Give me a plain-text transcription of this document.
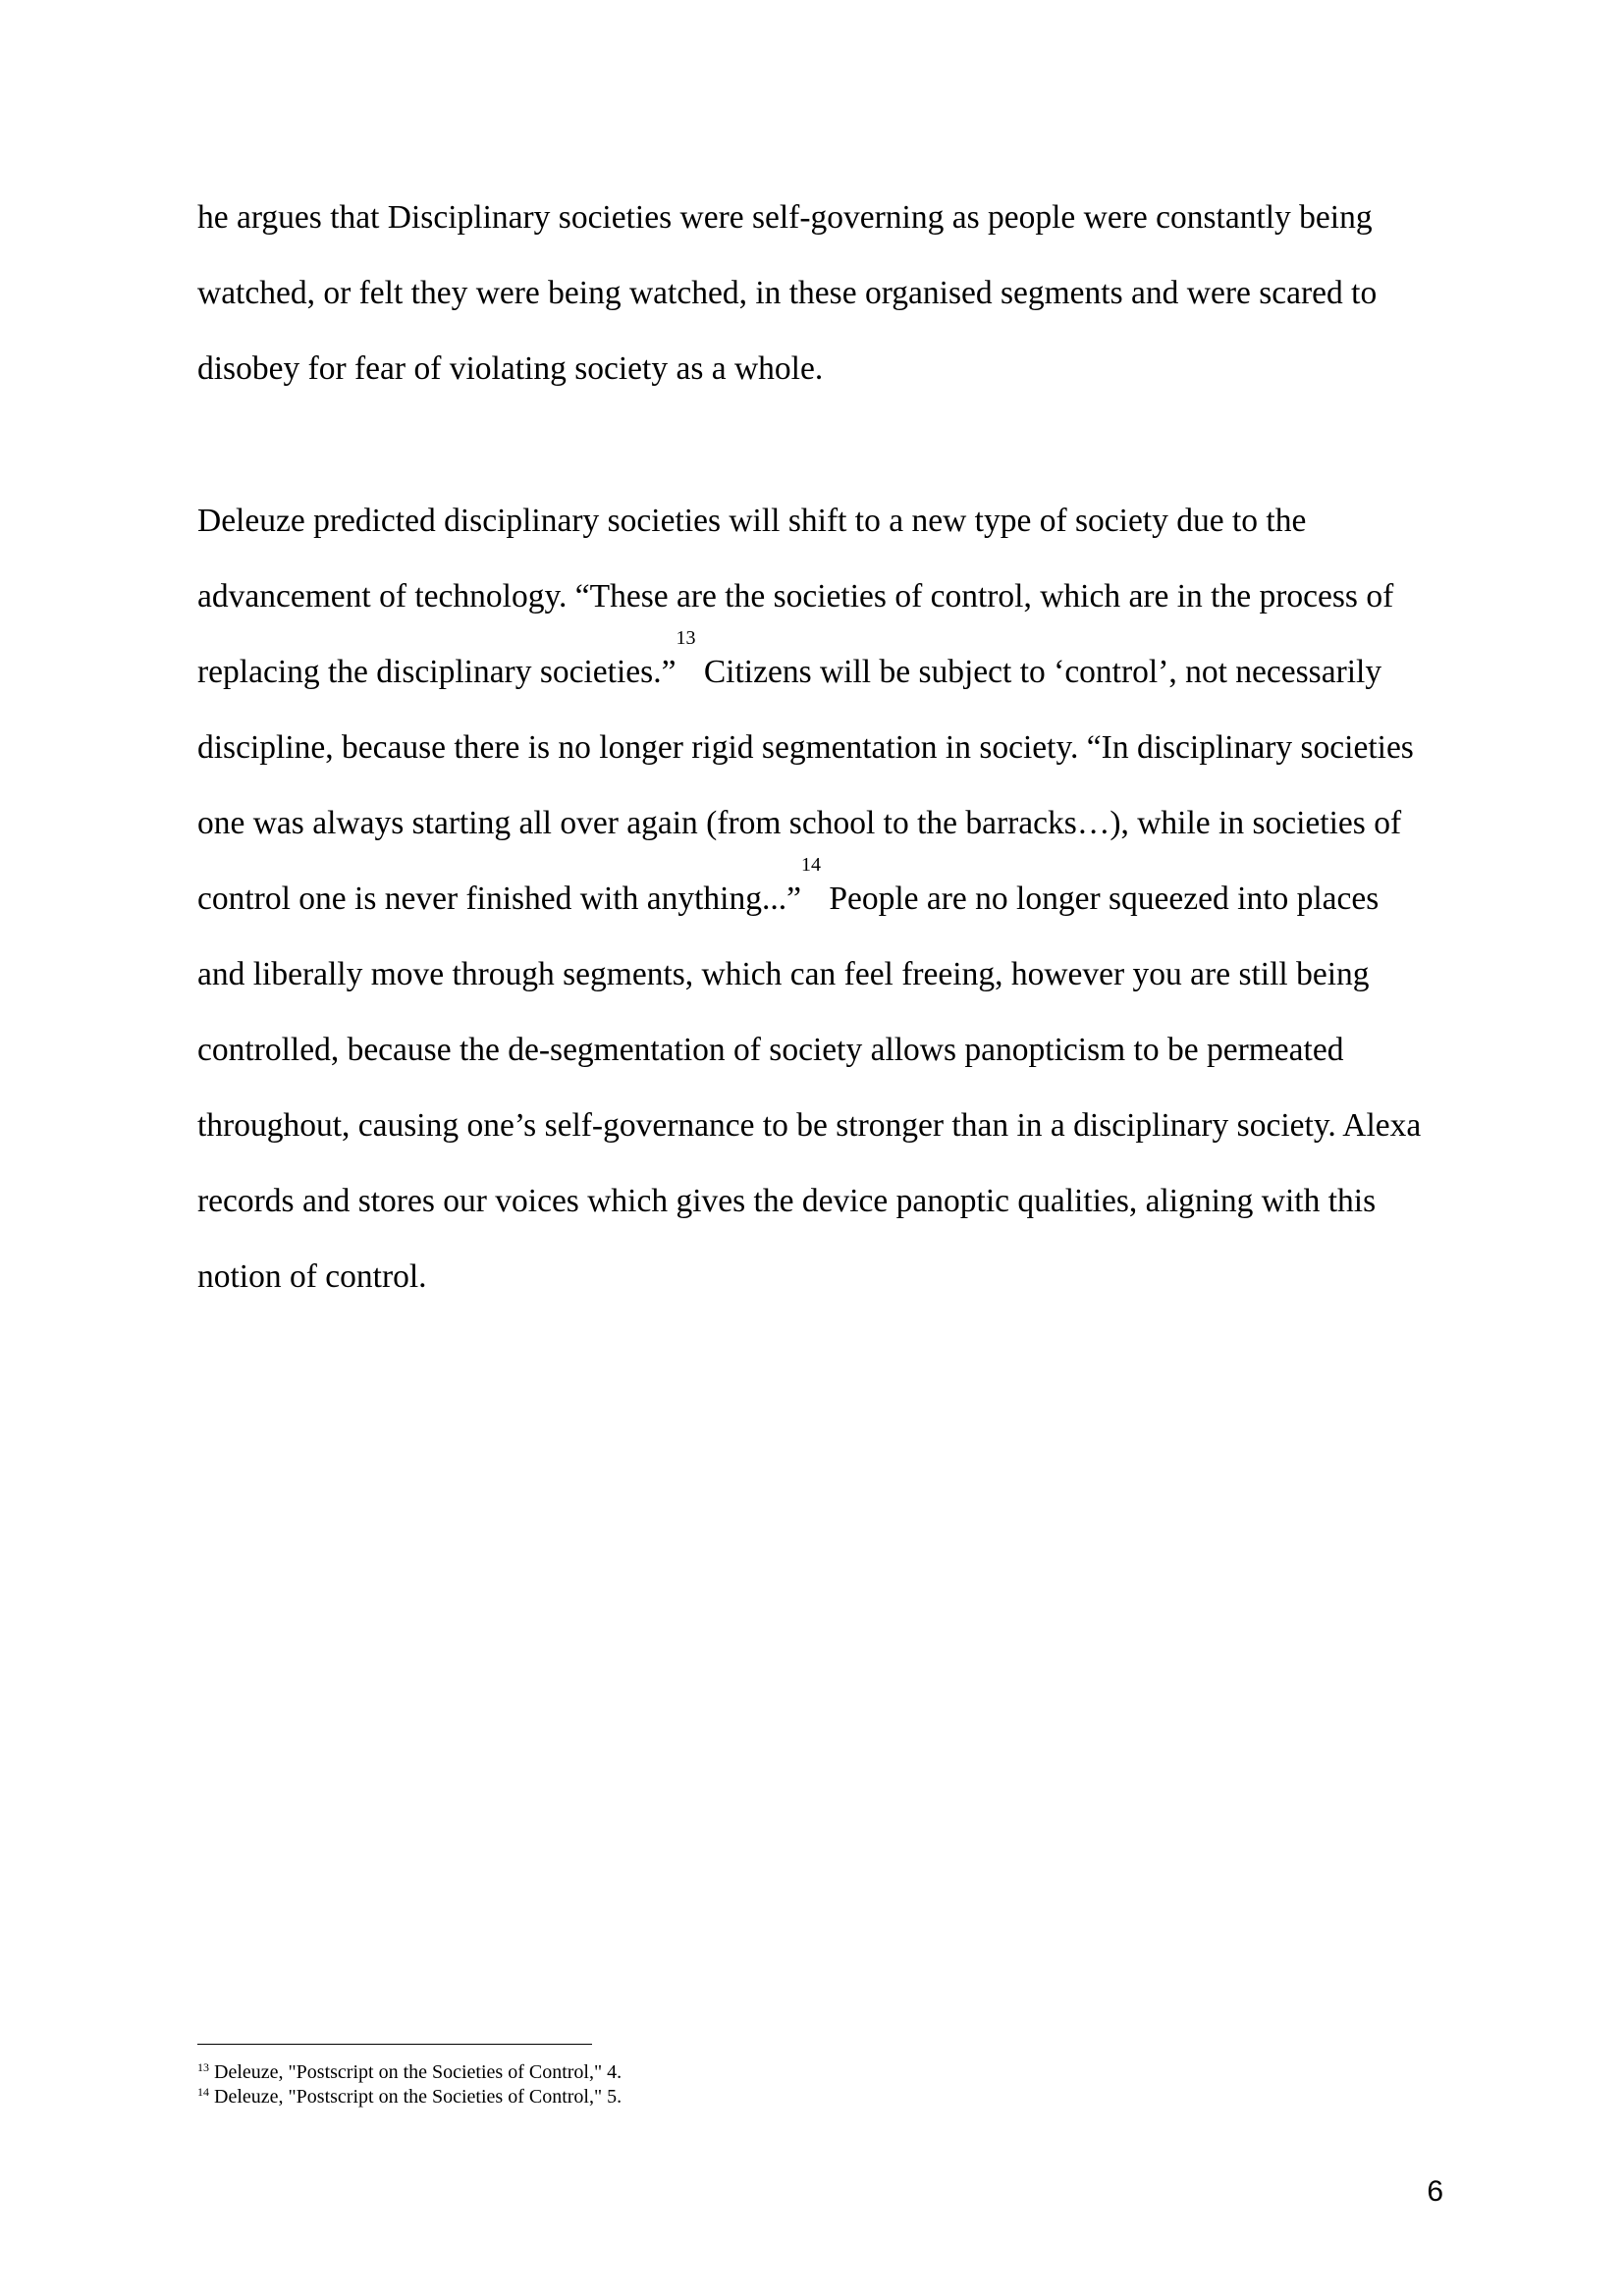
he argues that Disciplinary societies were self-governing as people were constantly being
watched, or felt they were being watched, in these organised segments and were scared to
disobey for fear of violating society as a whole.

Deleuze predicted disciplinary societies will shift to a new type of society due to the
advancement of technology. “These are the societies of control, which are in the process of
replacing the disciplinary societies.”$^{13}$ Citizens will be subject to ‘control’, not necessarily
discipline, because there is no longer rigid segmentation in society. “In disciplinary societies
one was always starting all over again (from school to the barracks…), while in societies of
control one is never finished with anything...”$^{14}$ People are no longer squeezed into places
and liberally move through segments, which can feel freeing, however you are still being
controlled, because the de-segmentation of society allows panopticism to be permeated
throughout, causing one’s self-governance to be stronger than in a disciplinary society. Alexa
records and stores our voices which gives the device panoptic qualities, aligning with this
notion of control.

$^{13}$ Deleuze, "Postscript on the Societies of Control," 4.
$^{14}$ Deleuze, "Postscript on the Societies of Control," 5.
6
